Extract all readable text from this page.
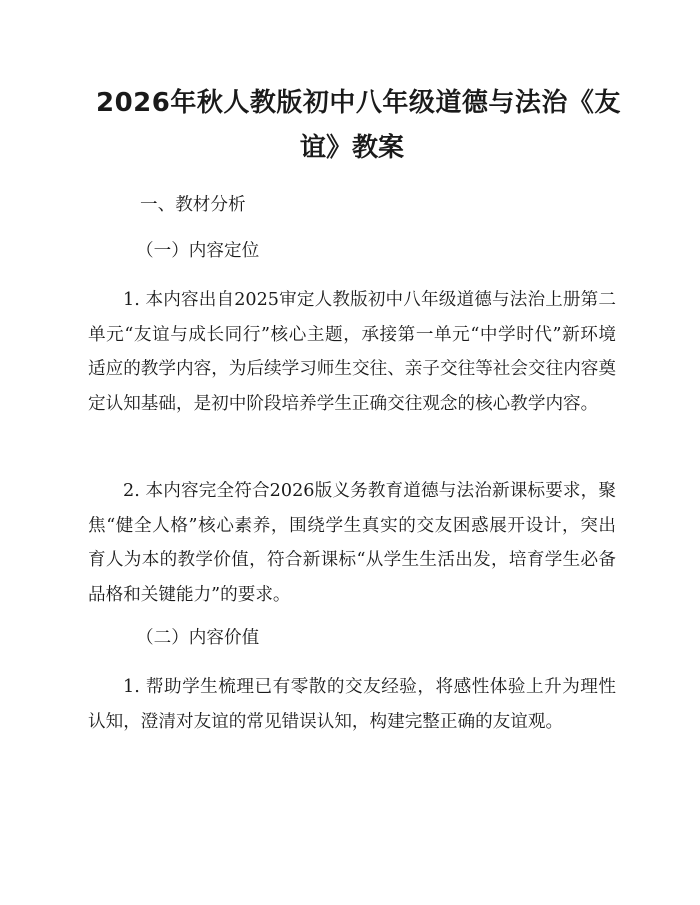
2026年秋人教版初中八年级道德与法治《友
谊》教案
一、教材分析
（一）内容定位

1. 本内容出自2025审定人教版初中八年级道德与法治上册第二单元“友谊与成长同行”核心主题，承接第一单元“中学时代”新环境适应的教学内容，为后续学习师生交往、亲子交往等社会交往内容奠定认知基础，是初中阶段培养学生正确交往观念的核心教学内容。

2. 本内容完全符合2026版义务教育道德与法治新课标要求，聚焦“健全人格”核心素养，围绕学生真实的交友困惑展开设计，突出育人为本的教学价值，符合新课标“从学生生活出发，培育学生必备品格和关键能力”的要求。

（二）内容价值

1. 帮助学生梳理已有零散的交友经验，将感性体验上升为理性认知，澄清对友谊的常见错误认知，构建完整正确的友谊观。
